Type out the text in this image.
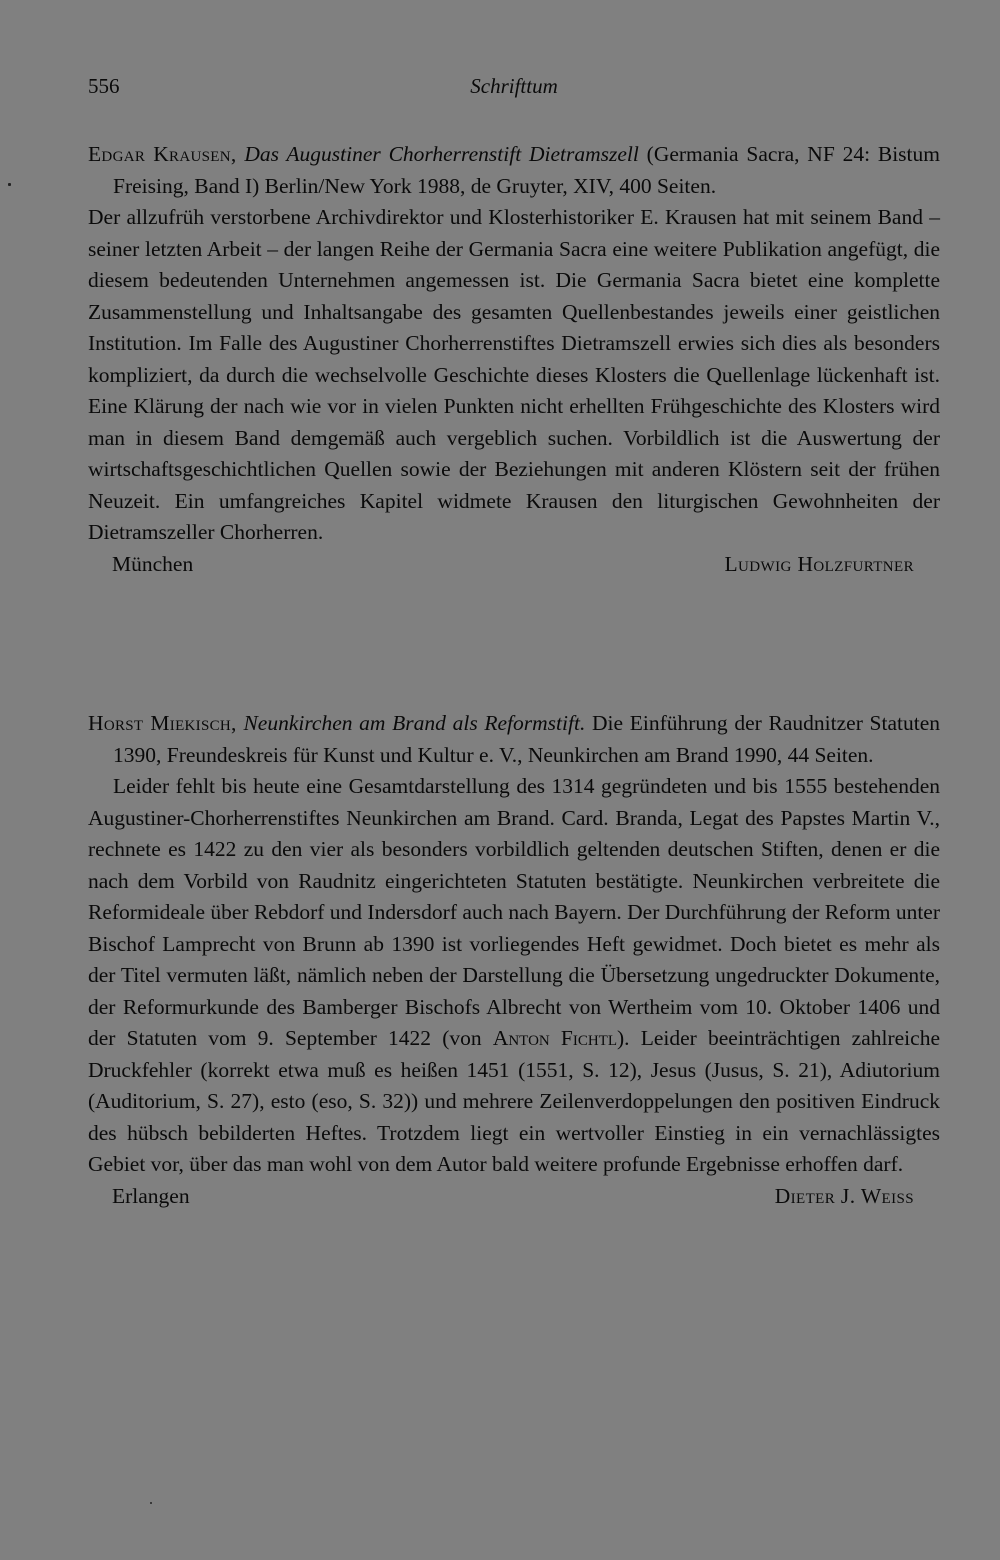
556	Schrifttum

Edgar Krausen, Das Augustiner Chorherrenstift Dietramszell (Germania Sacra, NF 24: Bistum Freising, Band I) Berlin/New York 1988, de Gruyter, XIV, 400 Seiten.

Der allzufrüh verstorbene Archivdirektor und Klosterhistoriker E. Krausen hat mit seinem Band – seiner letzten Arbeit – der langen Reihe der Germania Sacra eine weitere Publikation angefügt, die diesem bedeutenden Unternehmen angemessen ist. Die Germania Sacra bietet eine komplette Zusammenstellung und Inhaltsangabe des gesamten Quellenbestandes jeweils einer geistlichen Institution. Im Falle des Augustiner Chorherrenstiftes Dietramszell erwies sich dies als besonders kompliziert, da durch die wechselvolle Geschichte dieses Klosters die Quellenlage lückenhaft ist. Eine Klärung der nach wie vor in vielen Punkten nicht erhellten Frühgeschichte des Klosters wird man in diesem Band demgemäß auch vergeblich suchen. Vorbildlich ist die Auswertung der wirtschaftsgeschichtlichen Quellen sowie der Beziehungen mit anderen Klöstern seit der frühen Neuzeit. Ein umfangreiches Kapitel widmete Krausen den liturgischen Gewohnheiten der Dietramszeller Chorherren.

München	Ludwig Holzfurtner

Horst Miekisch, Neunkirchen am Brand als Reformstift. Die Einführung der Raudnitzer Statuten 1390, Freundeskreis für Kunst und Kultur e. V., Neunkirchen am Brand 1990, 44 Seiten.

Leider fehlt bis heute eine Gesamtdarstellung des 1314 gegründeten und bis 1555 bestehenden Augustiner-Chorherrenstiftes Neunkirchen am Brand. Card. Branda, Legat des Papstes Martin V., rechnete es 1422 zu den vier als besonders vorbildlich geltenden deutschen Stiften, denen er die nach dem Vorbild von Raudnitz eingerichteten Statuten bestätigte. Neunkirchen verbreitete die Reformideale über Rebdorf und Indersdorf auch nach Bayern. Der Durchführung der Reform unter Bischof Lamprecht von Brunn ab 1390 ist vorliegendes Heft gewidmet. Doch bietet es mehr als der Titel vermuten läßt, nämlich neben der Darstellung die Übersetzung ungedruckter Dokumente, der Reformurkunde des Bamberger Bischofs Albrecht von Wertheim vom 10. Oktober 1406 und der Statuten vom 9. September 1422 (von Anton Fichtl). Leider beeinträchtigen zahlreiche Druckfehler (korrekt etwa muß es heißen 1451 (1551, S. 12), Jesus (Jusus, S. 21), Adiutorium (Auditorium, S. 27), esto (eso, S. 32)) und mehrere Zeilenverdoppelungen den positiven Eindruck des hübsch bebilderten Heftes. Trotzdem liegt ein wertvoller Einstieg in ein vernachlässigtes Gebiet vor, über das man wohl von dem Autor bald weitere profunde Ergebnisse erhoffen darf.

Erlangen	Dieter J. Weiss
